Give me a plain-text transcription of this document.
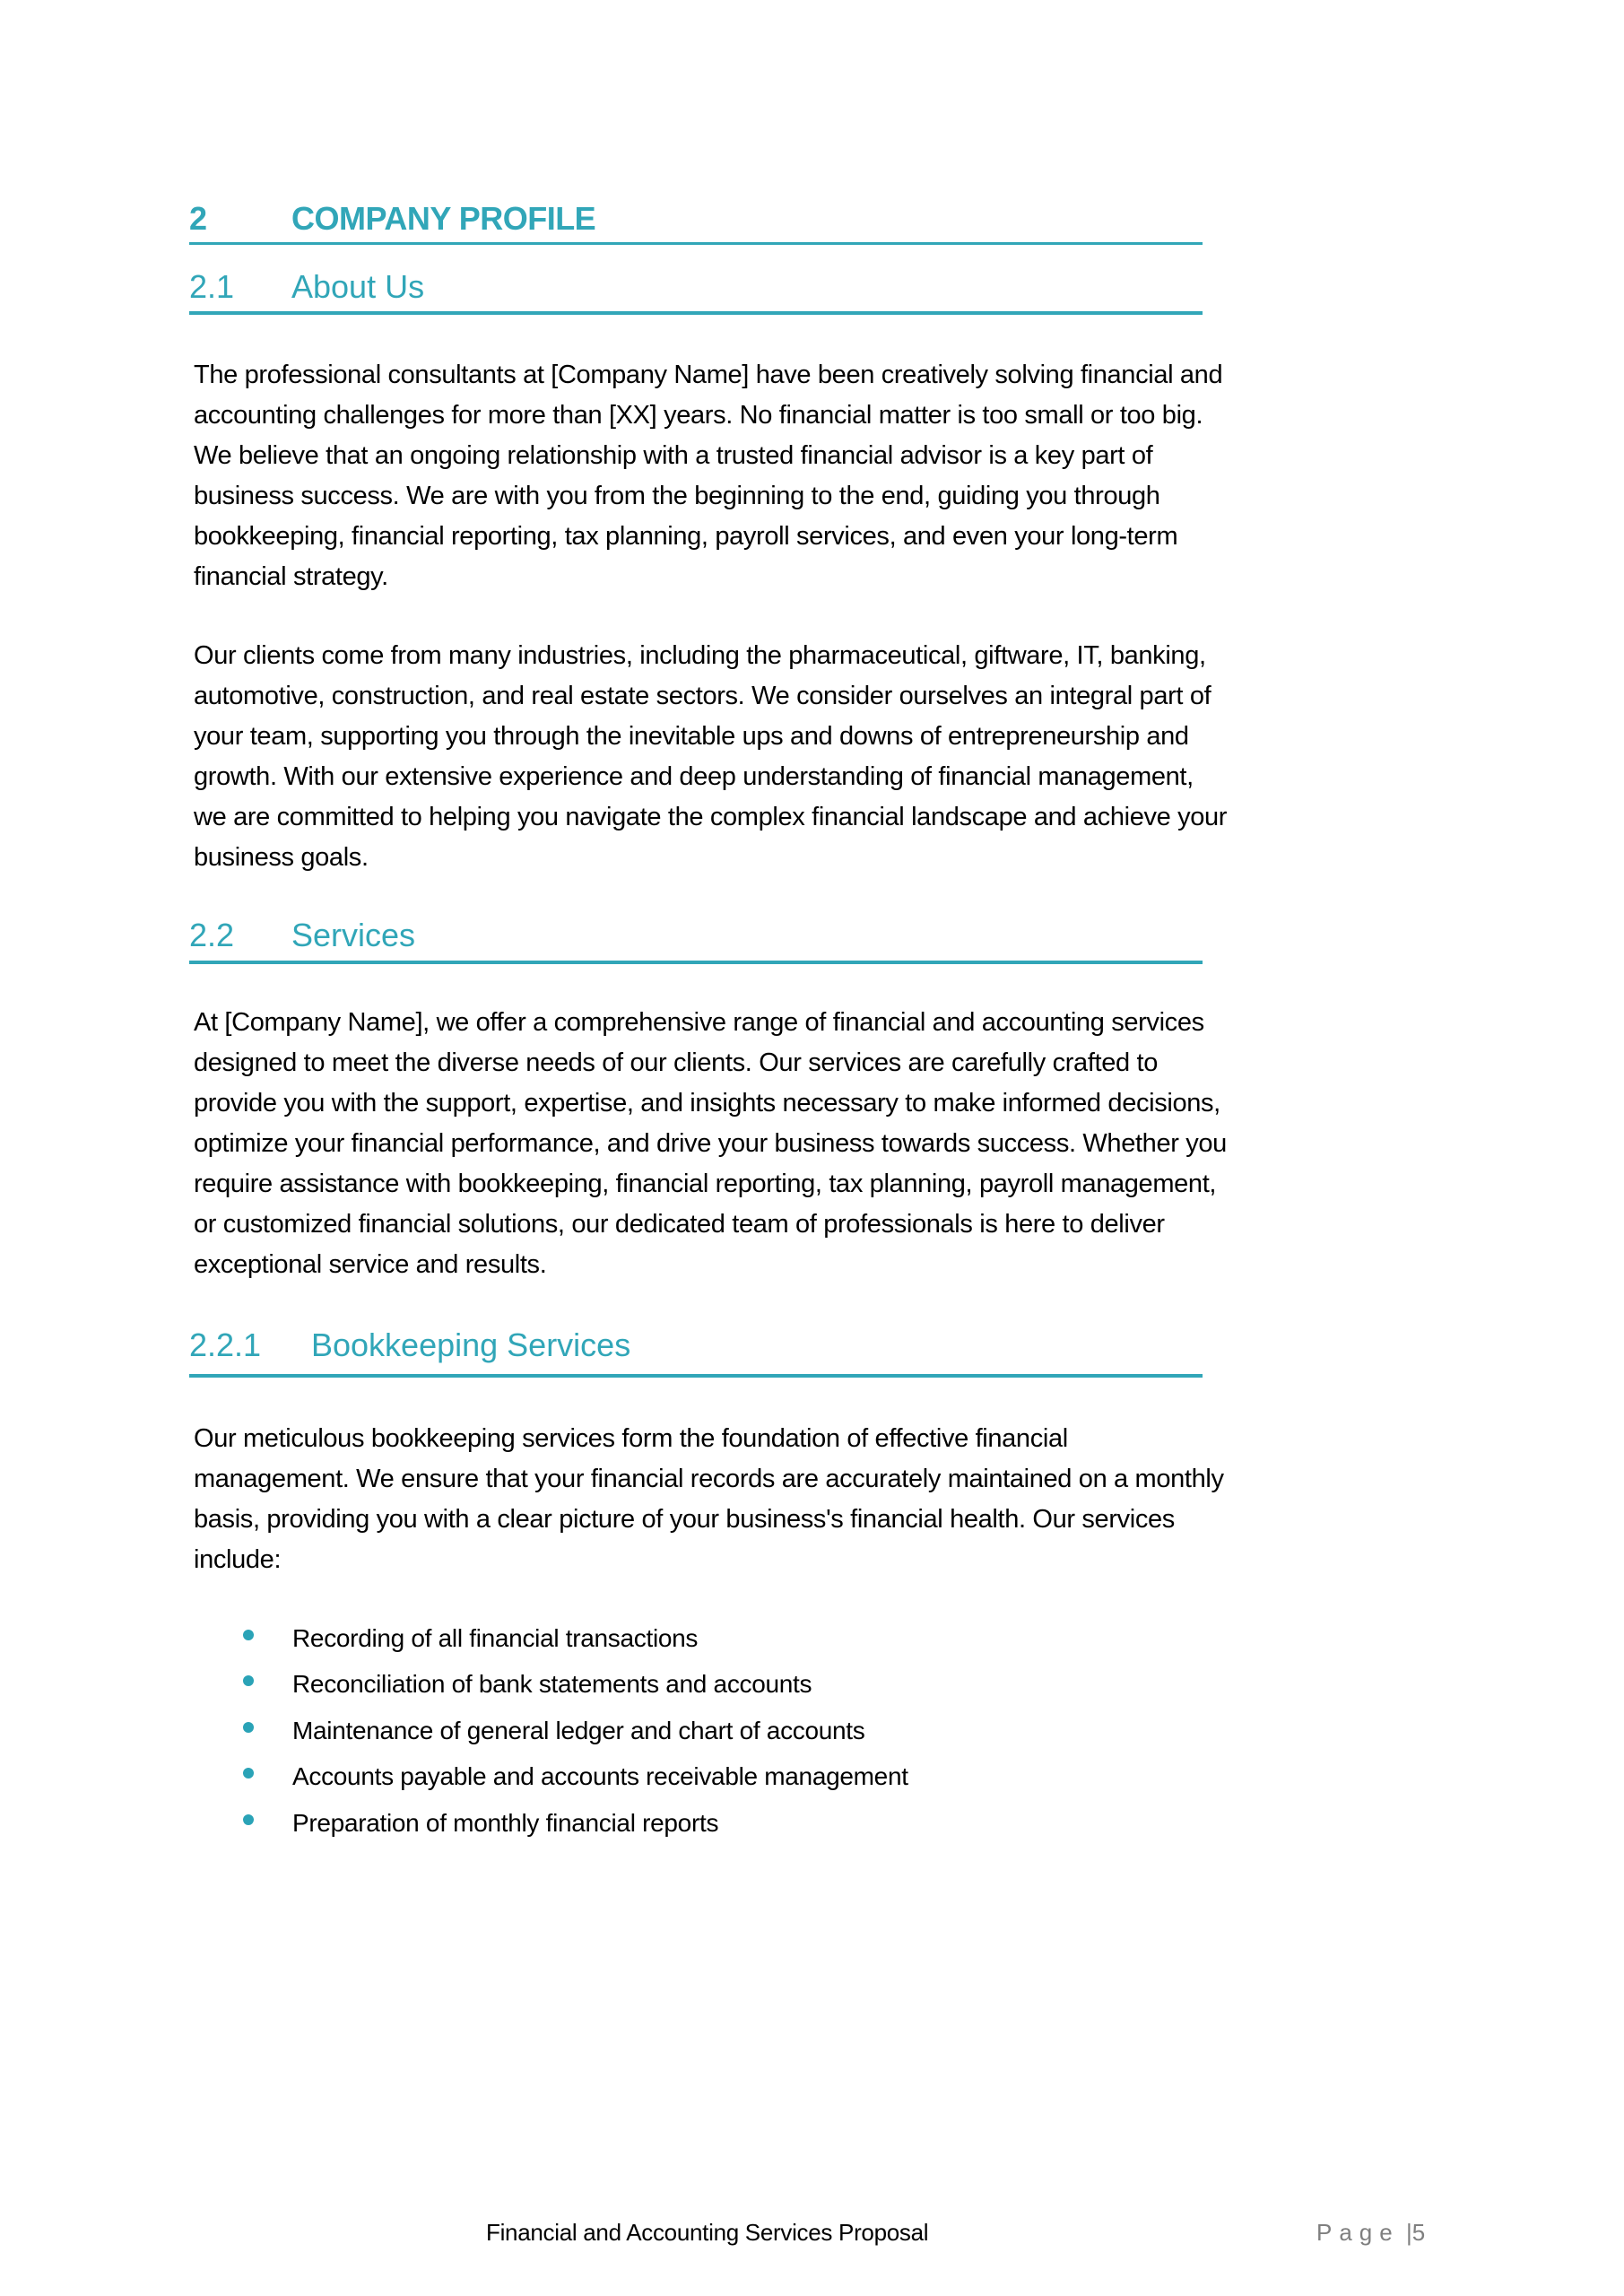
2	COMPANY PROFILE
2.1 About Us
The professional consultants at [Company Name] have been creatively solving financial and
accounting challenges for more than [XX] years. No financial matter is too small or too big.
We believe that an ongoing relationship with a trusted financial advisor is a key part of
business success. We are with you from the beginning to the end, guiding you through
bookkeeping, financial reporting, tax planning, payroll services, and even your long-term
financial strategy.
Our clients come from many industries, including the pharmaceutical, giftware, IT, banking,
automotive, construction, and real estate sectors. We consider ourselves an integral part of
your team, supporting you through the inevitable ups and downs of entrepreneurship and
growth. With our extensive experience and deep understanding of financial management,
we are committed to helping you navigate the complex financial landscape and achieve your
business goals.
2.2 Services
At [Company Name], we offer a comprehensive range of financial and accounting services
designed to meet the diverse needs of our clients. Our services are carefully crafted to
provide you with the support, expertise, and insights necessary to make informed decisions,
optimize your financial performance, and drive your business towards success. Whether you
require assistance with bookkeeping, financial reporting, tax planning, payroll management,
or customized financial solutions, our dedicated team of professionals is here to deliver
exceptional service and results.
2.2.1 Bookkeeping Services
Our meticulous bookkeeping services form the foundation of effective financial
management. We ensure that your financial records are accurately maintained on a monthly
basis, providing you with a clear picture of your business's financial health. Our services
include:
Recording of all financial transactions
Reconciliation of bank statements and accounts
Maintenance of general ledger and chart of accounts
Accounts payable and accounts receivable management
Preparation of monthly financial reports
Financial and Accounting Services Proposal	Page |5
